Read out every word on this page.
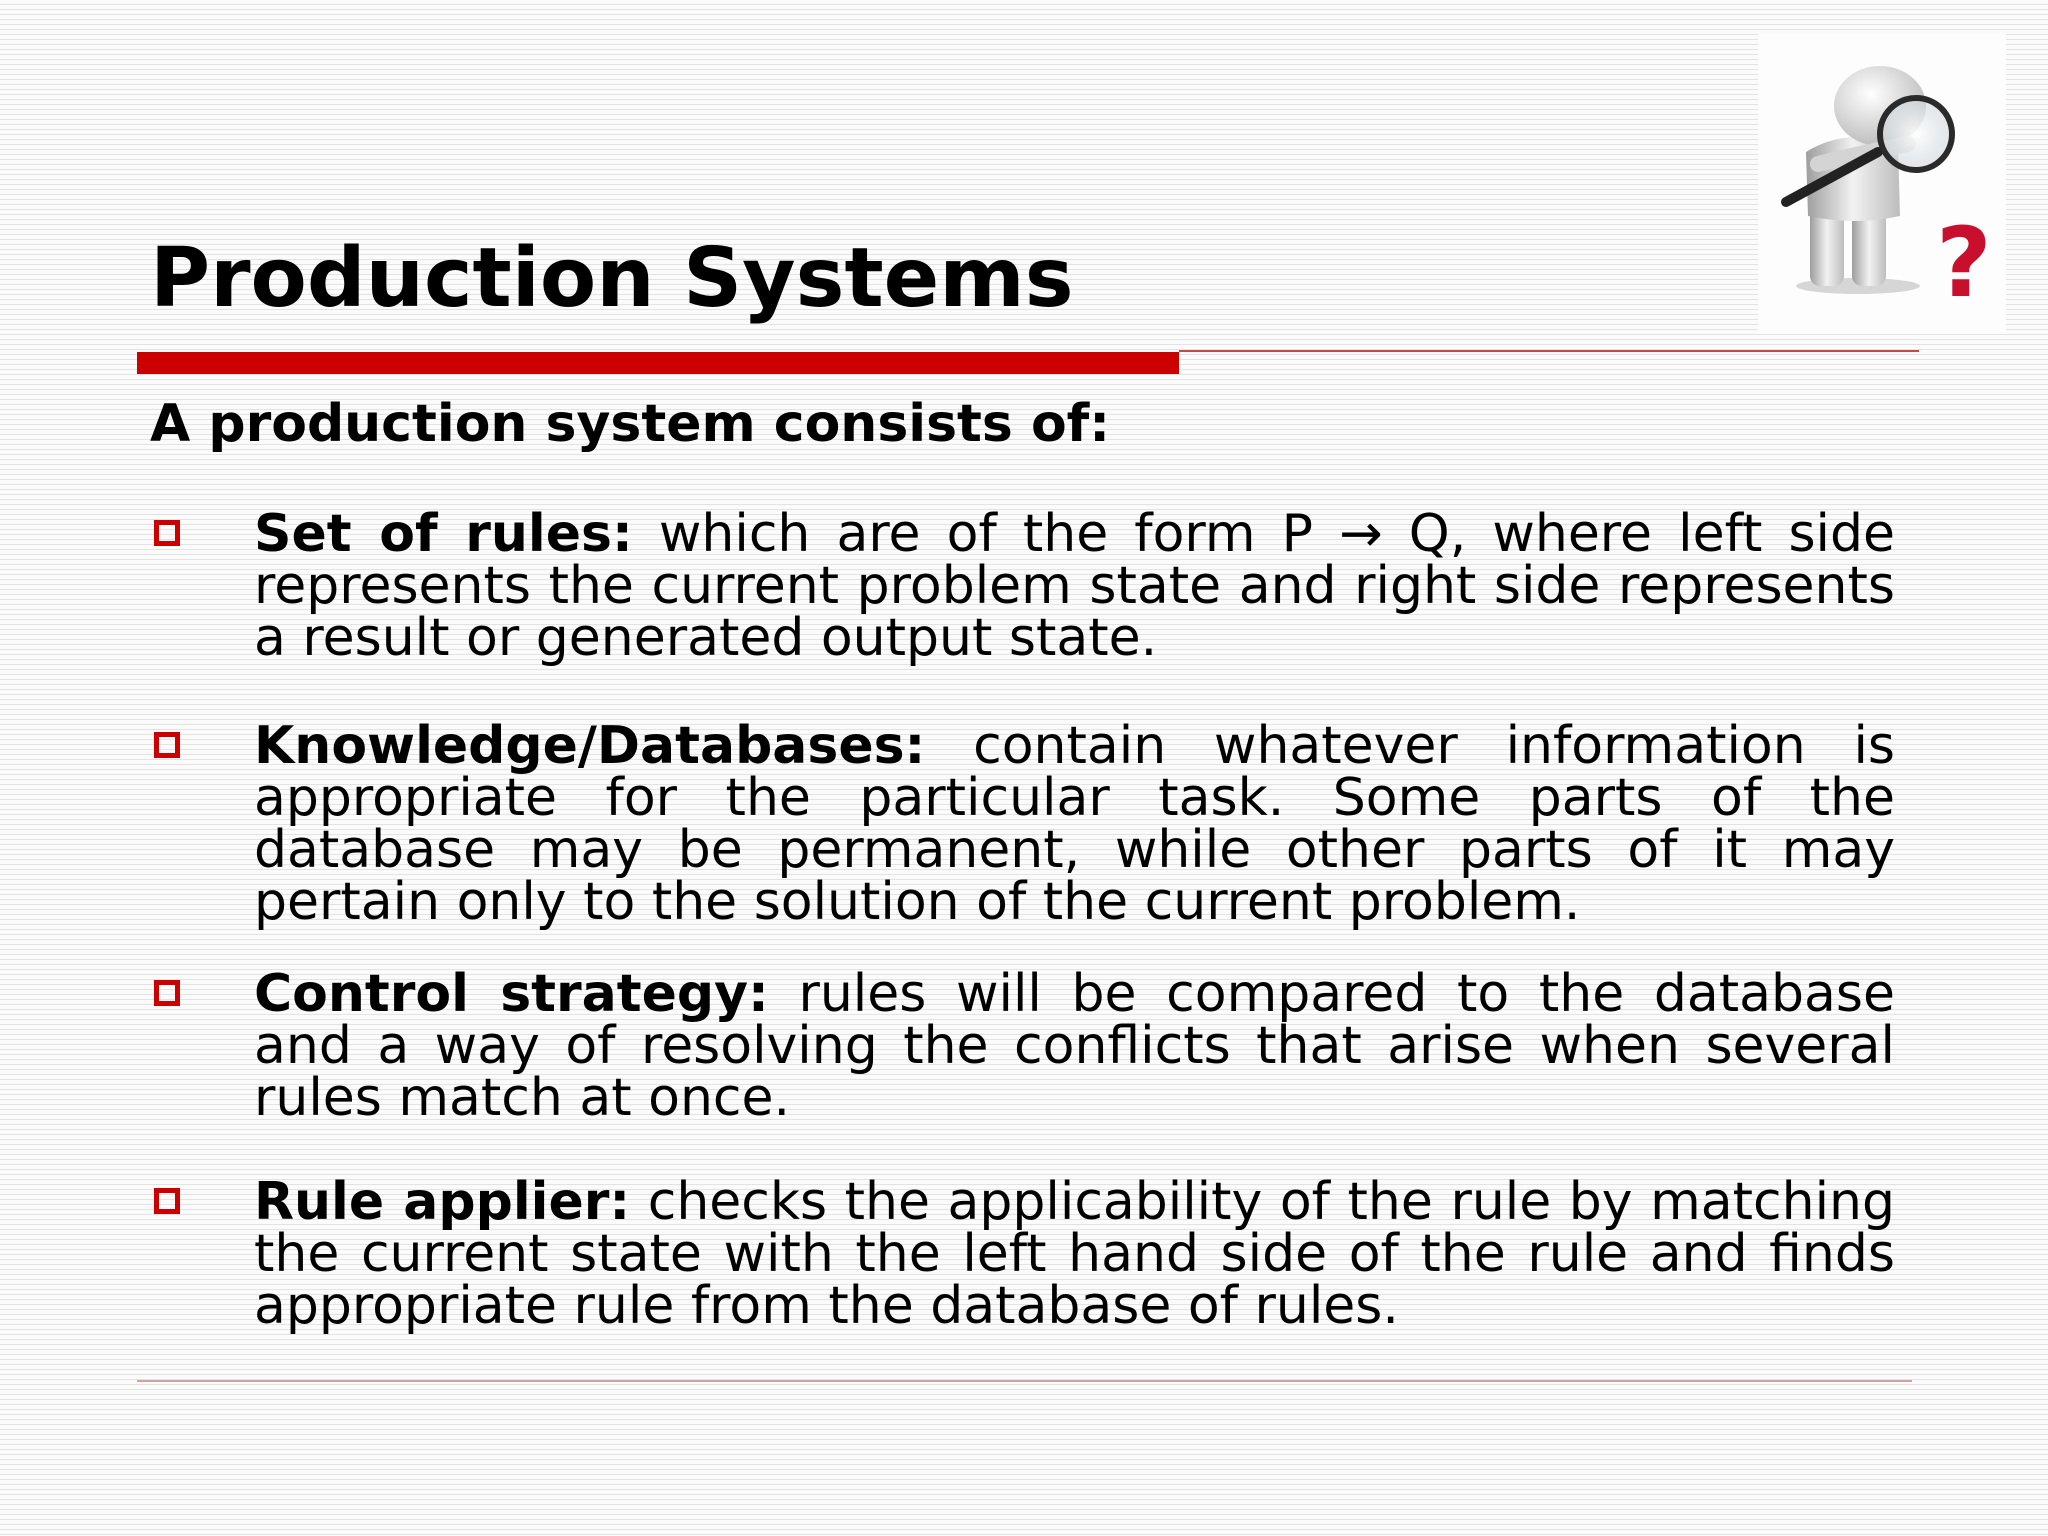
?
Production Systems

A production system consists of:

Set of rules: which are of the form P → Q, where left side represents the current problem state and right side represents a result or generated output state.

Knowledge/Databases: contain whatever information is appropriate for the particular task. Some parts of the database may be permanent, while other parts of it may pertain only to the solution of the current problem.

Control strategy: rules will be compared to the database and a way of resolving the conflicts that arise when several rules match at once.

Rule applier: checks the applicability of the rule by matching the current state with the left hand side of the rule and finds appropriate rule from the database of rules.
